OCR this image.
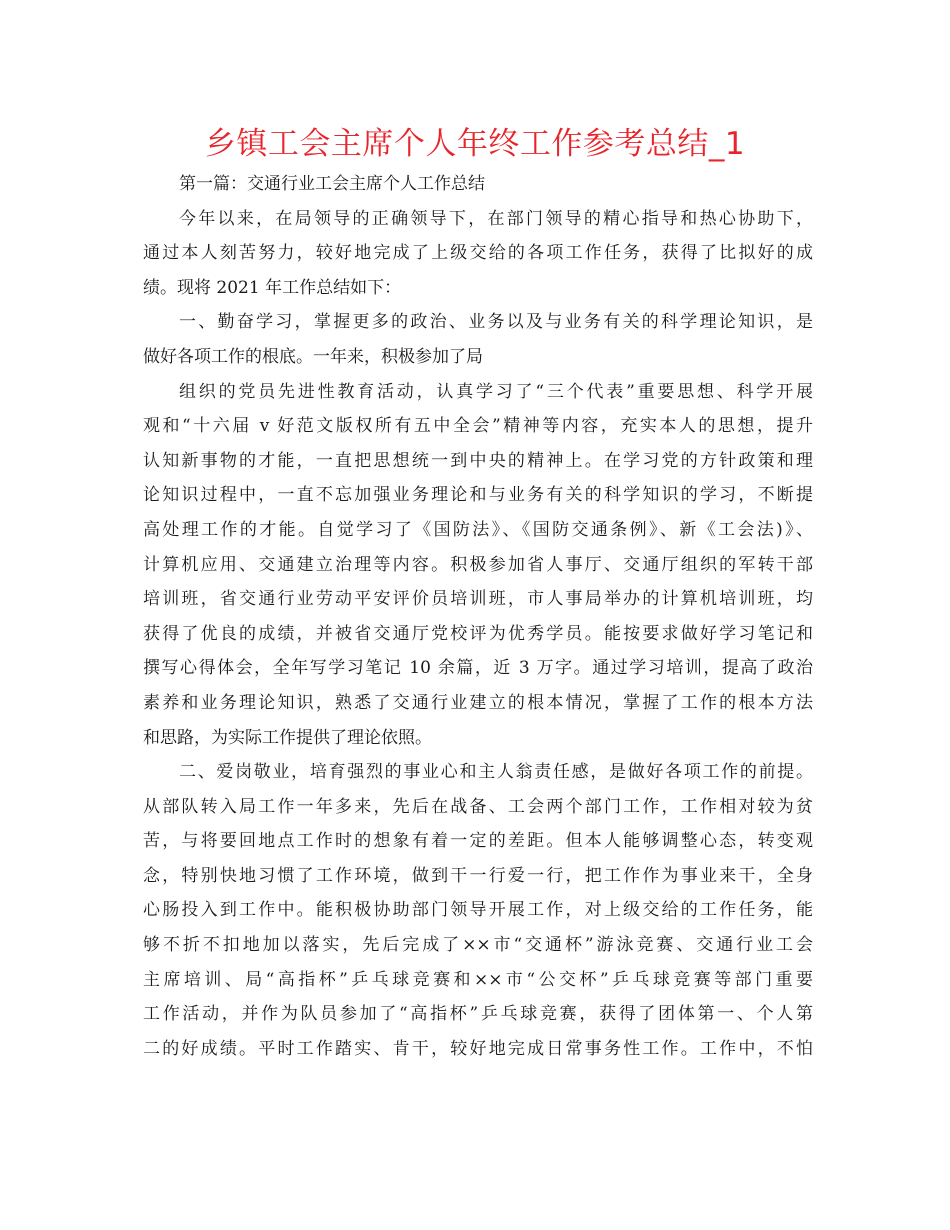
乡镇工会主席个人年终工作参考总结_1
第一篇：交通行业工会主席个人工作总结
今年以来，在局领导的正确领导下，在部门领导的精心指导和热心协助下，
通过本人刻苦努力，较好地完成了上级交给的各项工作任务，获得了比拟好的成
绩。现将 2021 年工作总结如下：
一、勤奋学习，掌握更多的政治、业务以及与业务有关的科学理论知识，是
做好各项工作的根底。一年来，积极参加了局
组织的党员先进性教育活动，认真学习了“三个代表”重要思想、科学开展
观和“十六届 v 好范文版权所有五中全会”精神等内容，充实本人的思想，提升
认知新事物的才能，一直把思想统一到中央的精神上。在学习党的方针政策和理
论知识过程中，一直不忘加强业务理论和与业务有关的科学知识的学习，不断提
高处理工作的才能。自觉学习了《国防法》、《国防交通条例》、新《工会法)》、
计算机应用、交通建立治理等内容。积极参加省人事厅、交通厅组织的军转干部
培训班，省交通行业劳动平安评价员培训班，市人事局举办的计算机培训班，均
获得了优良的成绩，并被省交通厅党校评为优秀学员。能按要求做好学习笔记和
撰写心得体会，全年写学习笔记 10 余篇，近 3 万字。通过学习培训，提高了政治
素养和业务理论知识，熟悉了交通行业建立的根本情况，掌握了工作的根本方法
和思路，为实际工作提供了理论依照。
二、爱岗敬业，培育强烈的事业心和主人翁责任感，是做好各项工作的前提。
从部队转入局工作一年多来，先后在战备、工会两个部门工作，工作相对较为贫
苦，与将要回地点工作时的想象有着一定的差距。但本人能够调整心态，转变观
念，特别快地习惯了工作环境，做到干一行爱一行，把工作作为事业来干，全身
心肠投入到工作中。能积极协助部门领导开展工作，对上级交给的工作任务，能
够不折不扣地加以落实，先后完成了××市“交通杯”游泳竞赛、交通行业工会
主席培训、局“高指杯”乒乓球竞赛和××市“公交杯”乒乓球竞赛等部门重要
工作活动，并作为队员参加了“高指杯”乒乓球竞赛，获得了团体第一、个人第
二的好成绩。平时工作踏实、肯干，较好地完成日常事务性工作。工作中，不怕
